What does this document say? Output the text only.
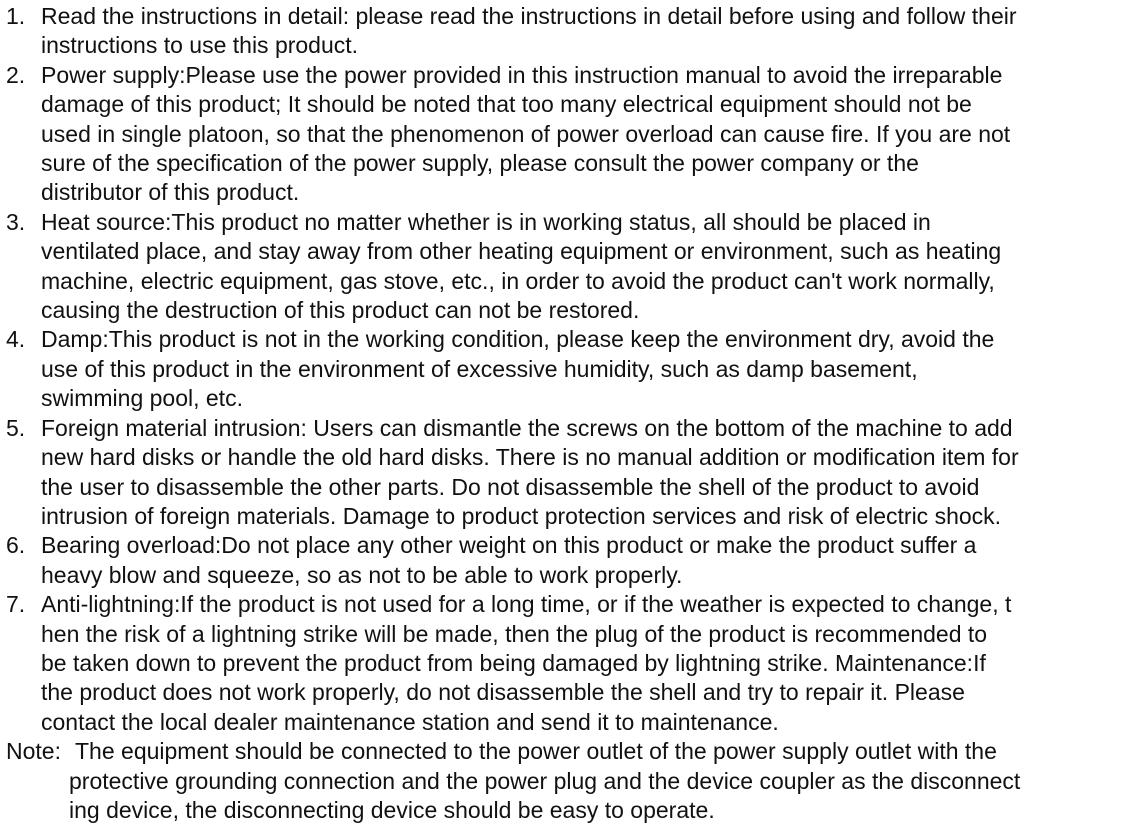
1. Read the instructions in detail: please read the instructions in detail before using and follow their
instructions to use this product.
2. Power supply:Please use the power provided in this instruction manual to avoid the irreparable
damage of this product; It should be noted that too many electrical equipment should not be
used in single platoon, so that the phenomenon of power overload can cause fire. If you are not
sure of the specification of the power supply, please consult the power company or the
distributor of this product.
3. Heat source:This product no matter whether is in working status, all should be placed in
ventilated place, and stay away from other heating equipment or environment, such as heating
machine, electric equipment, gas stove, etc., in order to avoid the product can't work normally,
causing the destruction of this product can not be restored.
4. Damp:This product is not in the working condition, please keep the environment dry, avoid the
use of this product in the environment of excessive humidity, such as damp basement,
swimming pool, etc.
5. Foreign material intrusion: Users can dismantle the screws on the bottom of the machine to add
new hard disks or handle the old hard disks. There is no manual addition or modification item for
the user to disassemble the other parts. Do not disassemble the shell of the product to avoid
intrusion of foreign materials. Damage to product protection services and risk of electric shock.
6. Bearing overload:Do not place any other weight on this product or make the product suffer a
heavy blow and squeeze, so as not to be able to work properly.
7. Anti-lightning:If the product is not used for a long time, or if the weather is expected to change, t
hen the risk of a lightning strike will be made, then the plug of the product is recommended to
be taken down to prevent the product from being damaged by lightning strike. Maintenance:If
the product does not work properly, do not disassemble the shell and try to repair it. Please
contact the local dealer maintenance station and send it to maintenance.
Note: The equipment should be connected to the power outlet of the power supply outlet with the
protective grounding connection and the power plug and the device coupler as the disconnect
ing device, the disconnecting device should be easy to operate.
